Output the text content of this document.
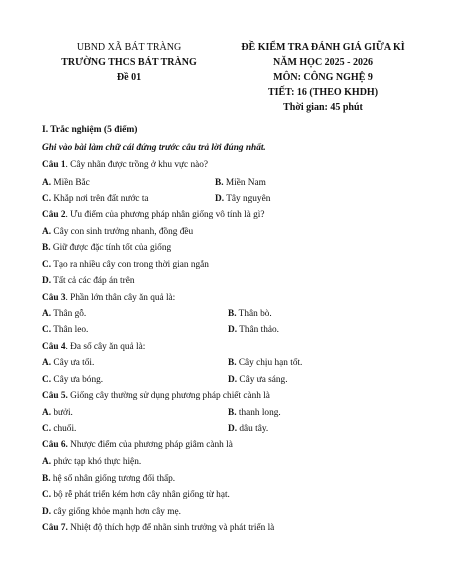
UBND XÃ BÁT TRÀNG
TRƯỜNG THCS BÁT TRÀNG
Đề 01
ĐỀ KIỂM TRA ĐÁNH GIÁ GIỮA KÌ
NĂM HỌC 2025 - 2026
MÔN: CÔNG NGHỆ 9
TIẾT: 16 (THEO KHDH)
Thời gian: 45 phút
I. Trắc nghiệm (5 điểm)
Ghi vào bài làm chữ cái đứng trước câu trả lời đúng nhất.
Câu 1. Cây nhãn được trồng ở khu vực nào?
A. Miền Bắc	B. Miền Nam
C. Khắp nơi trên đất nước ta	D. Tây nguyên
Câu 2. Ưu điểm của phương pháp nhân giống vô tính là gì?
A. Cây con sinh trưởng nhanh, đồng đều
B. Giữ được đặc tính tốt của giống
C. Tạo ra nhiều cây con trong thời gian ngắn
D. Tất cả các đáp án trên
Câu 3. Phần lớn thân cây ăn quả là:
A. Thân gỗ.	B. Thân bò.
C. Thân leo.	D. Thân thảo.
Câu 4. Đa số cây ăn quả là:
A. Cây ưa tối.	B. Cây chịu hạn tốt.
C. Cây ưa bóng.	D. Cây ưa sáng.
Câu 5. Giống cây thường sử dụng phương pháp chiết cành là
A. bưởi.	B. thanh long.
C. chuối.	D. dâu tây.
Câu 6. Nhược điểm của phương pháp giâm cành là
A. phức tạp khó thực hiện.
B. hệ số nhân giống tương đối thấp.
C. bộ rễ phát triển kém hơn cây nhân giống từ hạt.
D. cây giống khỏe mạnh hơn cây mẹ.
Câu 7. Nhiệt độ thích hợp để nhãn sinh trưởng và phát triển là
